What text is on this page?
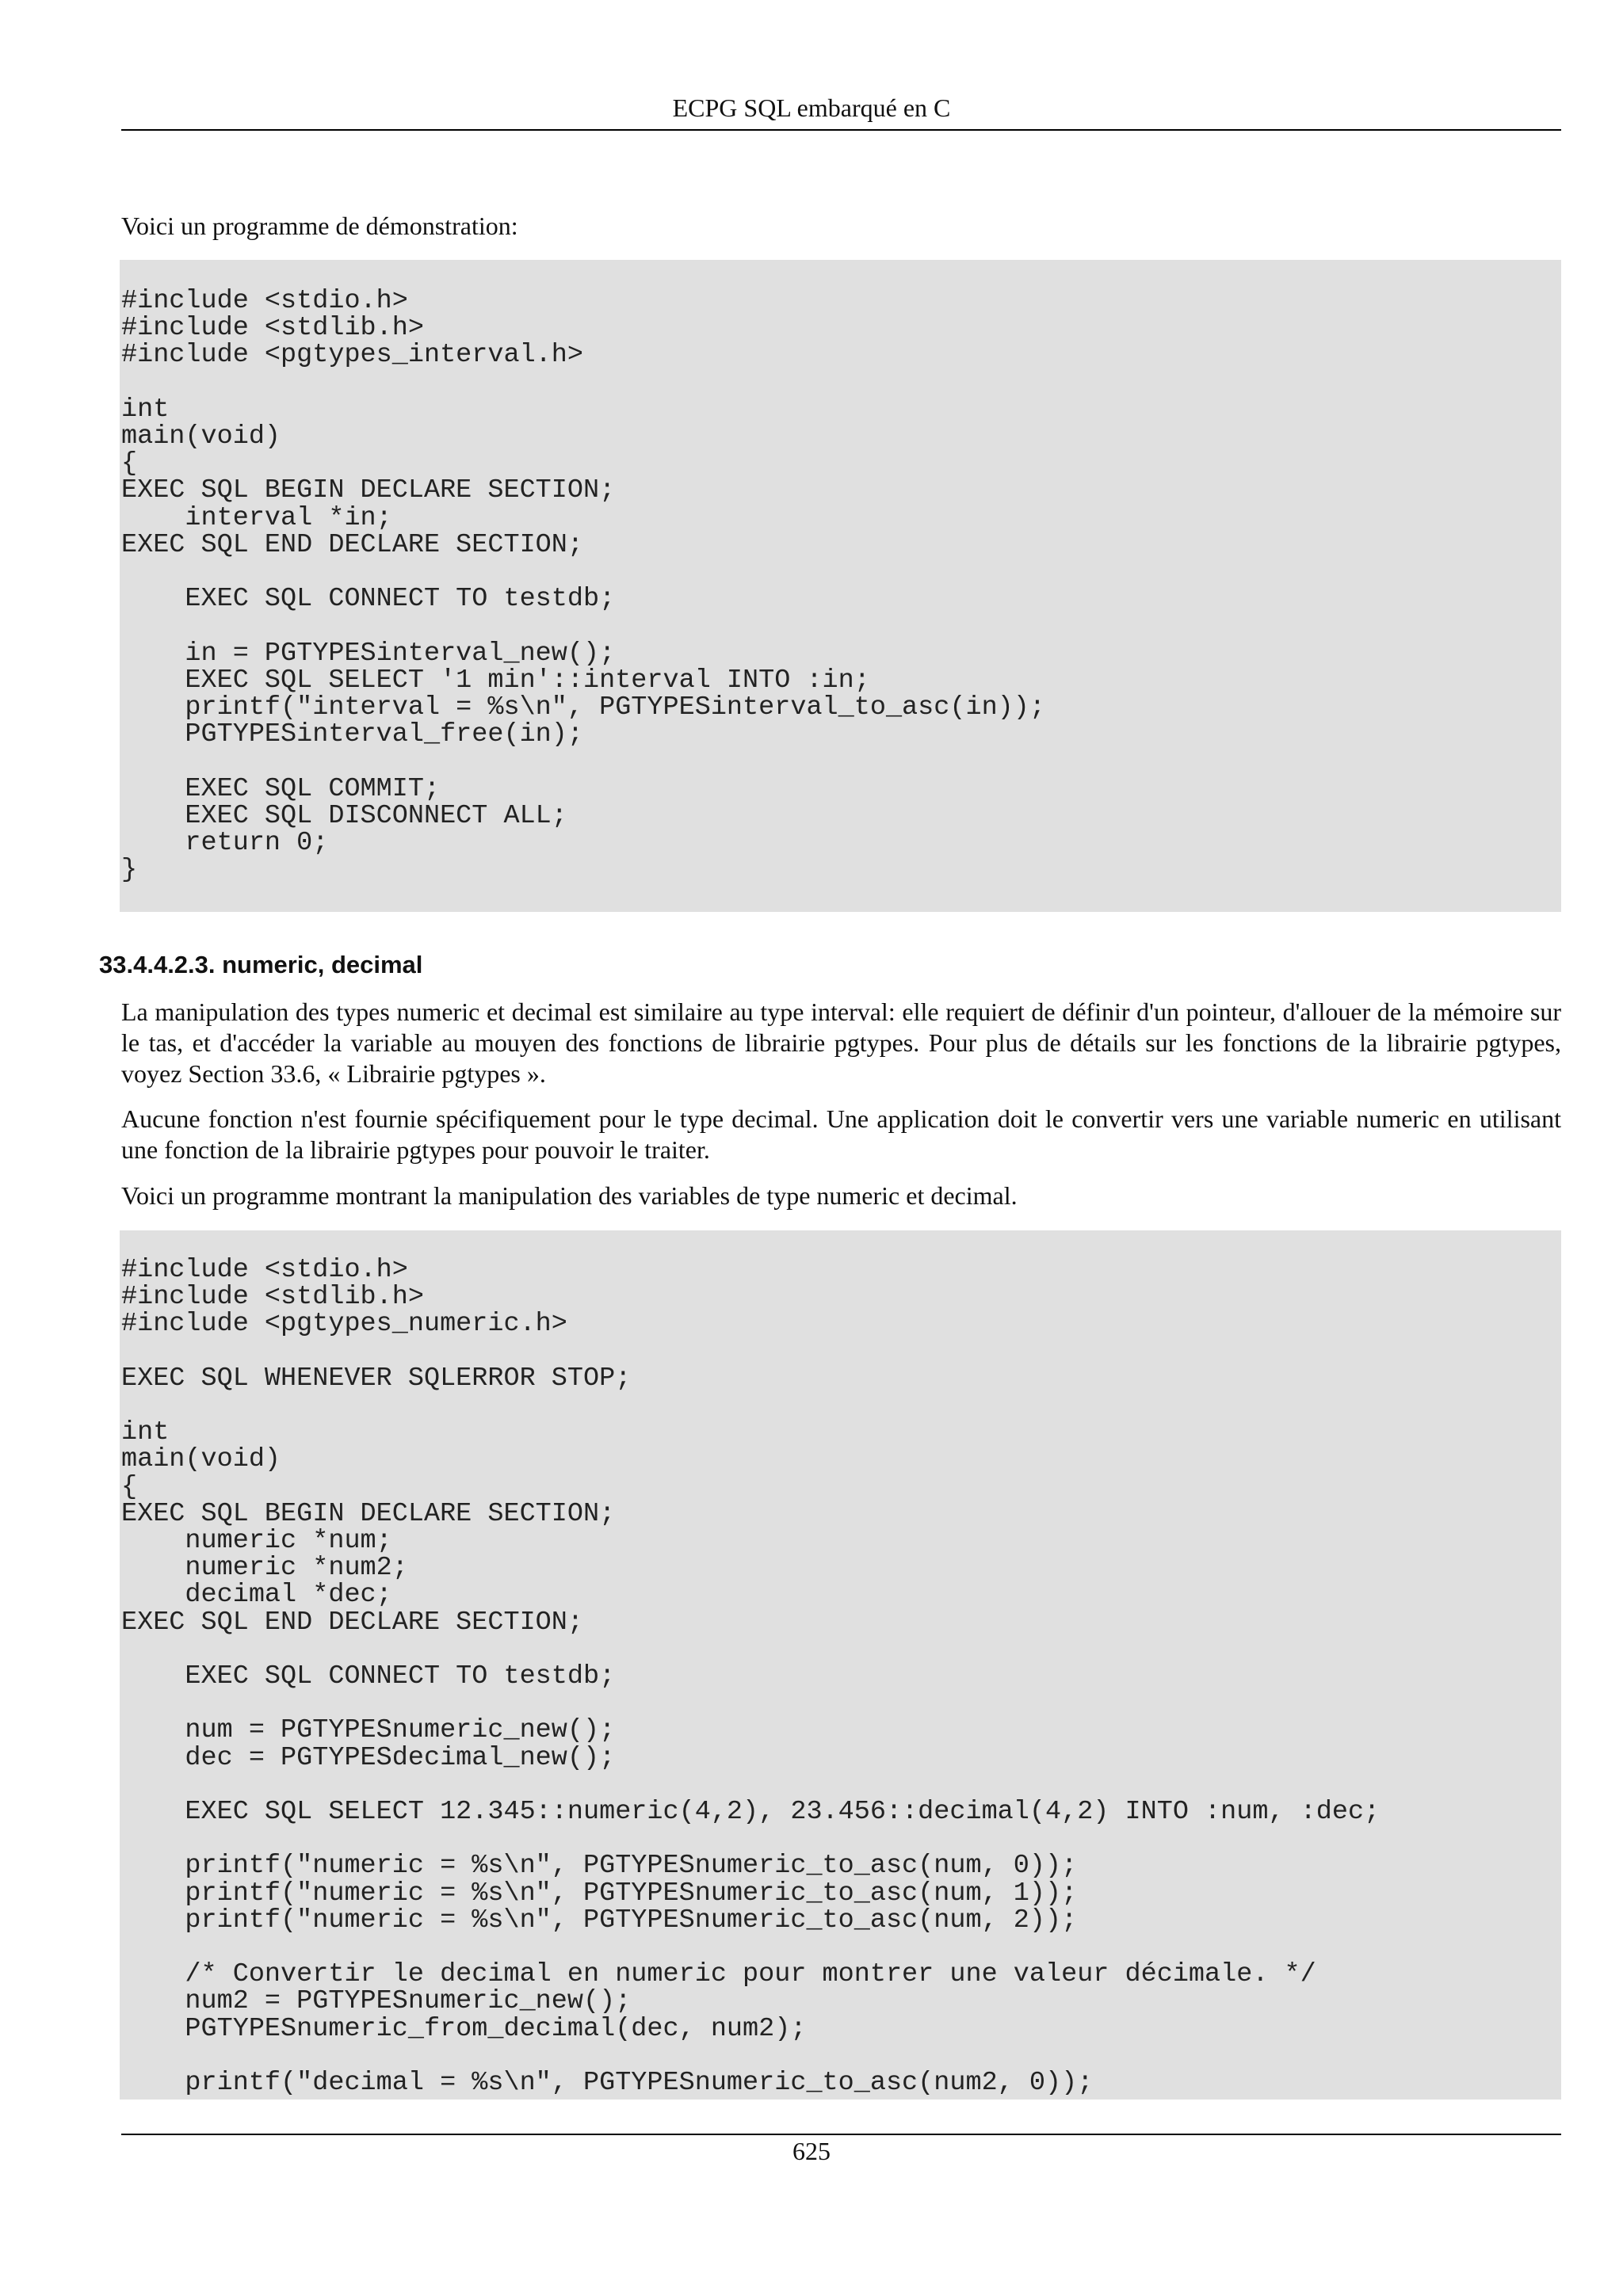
ECPG SQL embarqué en C
Voici un programme de démonstration:
#include <stdio.h>
#include <stdlib.h>
#include <pgtypes_interval.h>

int
main(void)
{
EXEC SQL BEGIN DECLARE SECTION;
interval *in;
EXEC SQL END DECLARE SECTION;

EXEC SQL CONNECT TO testdb;

in = PGTYPESinterval_new();
EXEC SQL SELECT '1 min'::interval INTO :in;
printf("interval = %s\n", PGTYPESinterval_to_asc(in));
PGTYPESinterval_free(in);

EXEC SQL COMMIT;
EXEC SQL DISCONNECT ALL;
return 0;
}
33.4.4.2.3. numeric, decimal
La manipulation des types numeric et decimal est similaire au type interval: elle requiert de définir d'un pointeur, d'allouer de la mémoire sur le tas, et d'accéder la variable au mouyen des fonctions de librairie pgtypes. Pour plus de détails sur les fonctions de la librairie pgtypes, voyez Section 33.6, « Librairie pgtypes ».
Aucune fonction n'est fournie spécifiquement pour le type decimal. Une application doit le convertir vers une variable numeric en utilisant une fonction de la librairie pgtypes pour pouvoir le traiter.
Voici un programme montrant la manipulation des variables de type numeric et decimal.
#include <stdio.h>
#include <stdlib.h>
#include <pgtypes_numeric.h>

EXEC SQL WHENEVER SQLERROR STOP;

int
main(void)
{
EXEC SQL BEGIN DECLARE SECTION;
numeric *num;
numeric *num2;
decimal *dec;
EXEC SQL END DECLARE SECTION;

EXEC SQL CONNECT TO testdb;

num = PGTYPESnumeric_new();
dec = PGTYPESdecimal_new();

EXEC SQL SELECT 12.345::numeric(4,2), 23.456::decimal(4,2) INTO :num, :dec;

printf("numeric = %s\n", PGTYPESnumeric_to_asc(num, 0));
printf("numeric = %s\n", PGTYPESnumeric_to_asc(num, 1));
printf("numeric = %s\n", PGTYPESnumeric_to_asc(num, 2));

/* Convertir le decimal en numeric pour montrer une valeur décimale. */
num2 = PGTYPESnumeric_new();
PGTYPESnumeric_from_decimal(dec, num2);

printf("decimal = %s\n", PGTYPESnumeric_to_asc(num2, 0));
625
